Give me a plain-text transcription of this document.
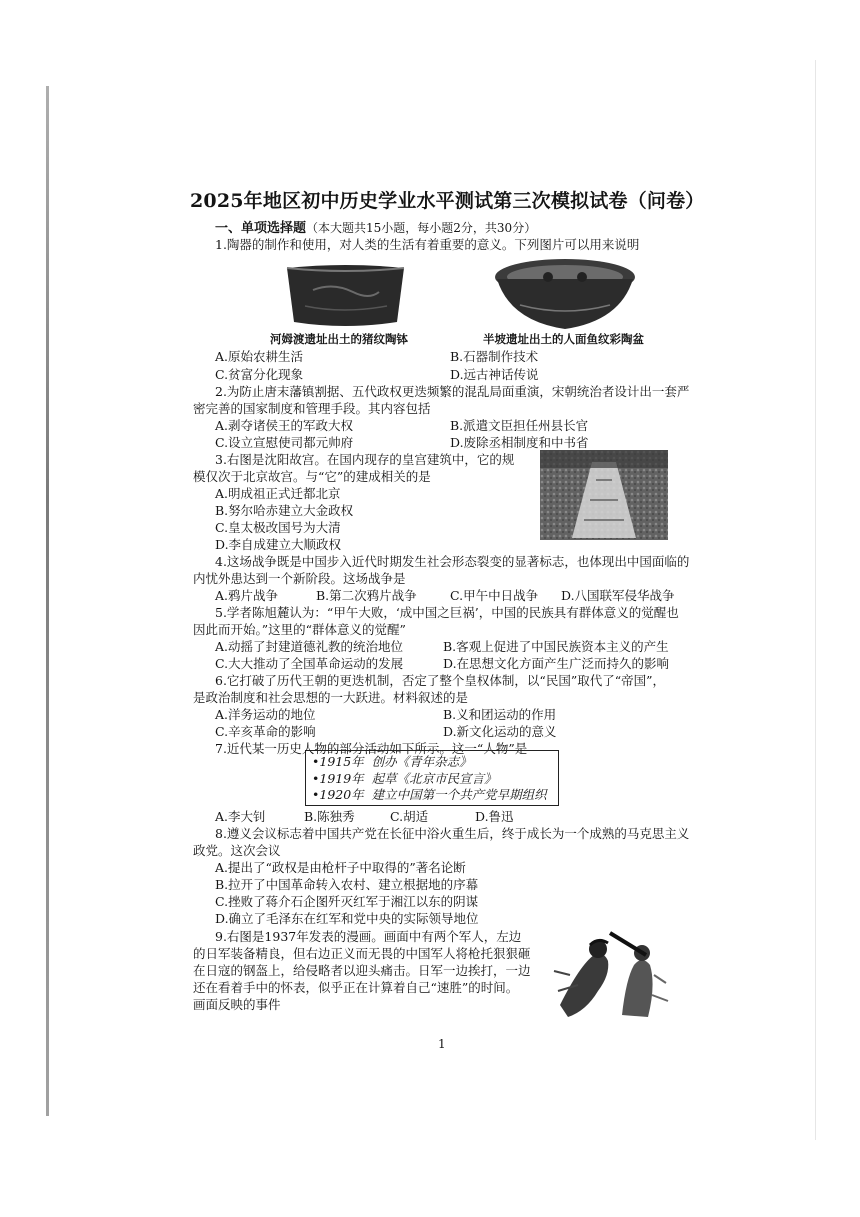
2025年地区初中历史学业水平测试第三次模拟试卷（问卷）
一、单项选择题（本大题共15小题，每小题2分，共30分）
1.陶器的制作和使用，对人类的生活有着重要的意义。下列图片可以用来说明
河姆渡遗址出土的猪纹陶钵	半坡遗址出土的人面鱼纹彩陶盆
A.原始农耕生活	B.石器制作技术
C.贫富分化现象	D.远古神话传说
2.为防止唐末藩镇割据、五代政权更迭频繁的混乱局面重演，宋朝统治者设计出一套严
密完善的国家制度和管理手段。其内容包括
A.剥夺诸侯王的军政大权	B.派遣文臣担任州县长官
C.设立宣慰使司都元帅府	D.废除丞相制度和中书省
3.右图是沈阳故宫。在国内现存的皇宫建筑中，它的规
模仅次于北京故宫。与“它”的建成相关的是
A.明成祖正式迁都北京
B.努尔哈赤建立大金政权
C.皇太极改国号为大清
D.李自成建立大顺政权
4.这场战争既是中国步入近代时期发生社会形态裂变的显著标志，也体现出中国面临的
内忧外患达到一个新阶段。这场战争是
A.鸦片战争	B.第二次鸦片战争	C.甲午中日战争 D.八国联军侵华战争
5.学者陈旭麓认为：“甲午大败，‘成中国之巨祸’，中国的民族具有群体意义的觉醒也
因此而开始。”这里的“群体意义的觉醒”
A.动摇了封建道德礼教的统治地位	B.客观上促进了中国民族资本主义的产生
C.大大推动了全国革命运动的发展	D.在思想文化方面产生广泛而持久的影响
6.它打破了历代王朝的更迭机制，否定了整个皇权体制，以“民国”取代了“帝国”，
是政治制度和社会思想的一大跃进。材料叙述的是
A.洋务运动的地位	B.义和团运动的作用
C.辛亥革命的影响	D.新文化运动的意义
7.近代某一历史人物的部分活动如下所示。这一“人物”是
•1915年 创办《青年杂志》
•1919年 起草《北京市民宣言》
•1920年 建立中国第一个共产党早期组织
A.李大钊	B.陈独秀	C.胡适	D.鲁迅
8.遵义会议标志着中国共产党在长征中浴火重生后，终于成长为一个成熟的马克思主义
政党。这次会议
A.提出了“政权是由枪杆子中取得的”著名论断
B.拉开了中国革命转入农村、建立根据地的序幕
C.挫败了蒋介石企图歼灭红军于湘江以东的阴谋
D.确立了毛泽东在红军和党中央的实际领导地位
9.右图是1937年发表的漫画。画面中有两个军人，左边
的日军装备精良，但右边正义而无畏的中国军人将枪托狠狠砸
在日寇的钢盔上，给侵略者以迎头痛击。日军一边挨打，一边
还在看着手中的怀表，似乎正在计算着自己“速胜”的时间。
画面反映的事件
1
